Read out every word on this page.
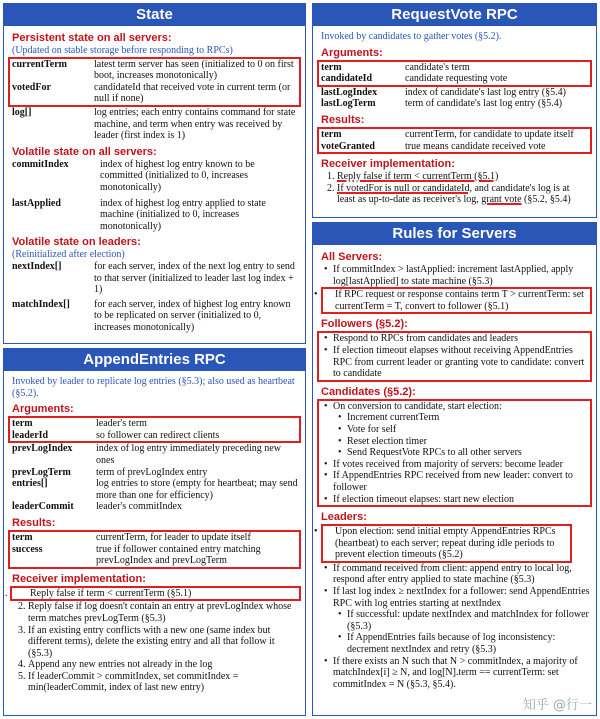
State
Persistent state on all servers:
(Updated on stable storage before responding to RPCs)
currentTerm	latest term server has seen (initialized to 0 on first boot, increases monotonically)
votedFor	candidateId that received vote in current term (or null if none)
log[]	log entries; each entry contains command for state machine, and term when entry was received by leader (first index is 1)
Volatile state on all servers:
commitIndex	index of highest log entry known to be committed (initialized to 0, increases monotonically)
lastApplied	index of highest log entry applied to state machine (initialized to 0, increases monotonically)
Volatile state on leaders:
(Reinitialized after election)
nextIndex[]	for each server, index of the next log entry to send to that server (initialized to leader last log index + 1)
matchIndex[]	for each server, index of highest log entry known to be replicated on server (initialized to 0, increases monotonically)
AppendEntries RPC
Invoked by leader to replicate log entries (§5.3); also used as heartbeat (§5.2).
Arguments:
term	leader's term
leaderId	so follower can redirect clients
prevLogIndex	index of log entry immediately preceding new ones
prevLogTerm	term of prevLogIndex entry
entries[]	log entries to store (empty for heartbeat; may send more than one for efficiency)
leaderCommit	leader's commitIndex
Results:
term	currentTerm, for leader to update itself
success	true if follower contained entry matching prevLogIndex and prevLogTerm
Receiver implementation:
1. Reply false if term < currentTerm (§5.1)
2. Reply false if log doesn't contain an entry at prevLogIndex whose term matches prevLogTerm (§5.3)
3. If an existing entry conflicts with a new one (same index but different terms), delete the existing entry and all that follow it (§5.3)
4. Append any new entries not already in the log
5. If leaderCommit > commitIndex, set commitIndex = min(leaderCommit, index of last new entry)
RequestVote RPC
Invoked by candidates to gather votes (§5.2).
Arguments:
term	candidate's term
candidateId	candidate requesting vote
lastLogIndex	index of candidate's last log entry (§5.4)
lastLogTerm	term of candidate's last log entry (§5.4)
Results:
term	currentTerm, for candidate to update itself
voteGranted	true means candidate received vote
Receiver implementation:
1. Reply false if term < currentTerm (§5.1)
2. If votedFor is null or candidateId, and candidate's log is at least as up-to-date as receiver's log, grant vote (§5.2, §5.4)
Rules for Servers
All Servers:
• If commitIndex > lastApplied: increment lastApplied, apply log[lastApplied] to state machine (§5.3)
• If RPC request or response contains term T > currentTerm: set currentTerm = T, convert to follower (§5.1)
Followers (§5.2):
• Respond to RPCs from candidates and leaders
• If election timeout elapses without receiving AppendEntries RPC from current leader or granting vote to candidate: convert to candidate
Candidates (§5.2):
• On conversion to candidate, start election:
• Increment currentTerm
• Vote for self
• Reset election timer
• Send RequestVote RPCs to all other servers
• If votes received from majority of servers: become leader
• If AppendEntries RPC received from new leader: convert to follower
• If election timeout elapses: start new election
Leaders:
• Upon election: send initial empty AppendEntries RPCs (heartbeat) to each server; repeat during idle periods to prevent election timeouts (§5.2)
• If command received from client: append entry to local log, respond after entry applied to state machine (§5.3)
• If last log index ≥ nextIndex for a follower: send AppendEntries RPC with log entries starting at nextIndex
• If successful: update nextIndex and matchIndex for follower (§5.3)
• If AppendEntries fails because of log inconsistency: decrement nextIndex and retry (§5.3)
• If there exists an N such that N > commitIndex, a majority of matchIndex[i] ≥ N, and log[N].term == currentTerm: set commitIndex = N (§5.3, §5.4).
知乎 @行一
